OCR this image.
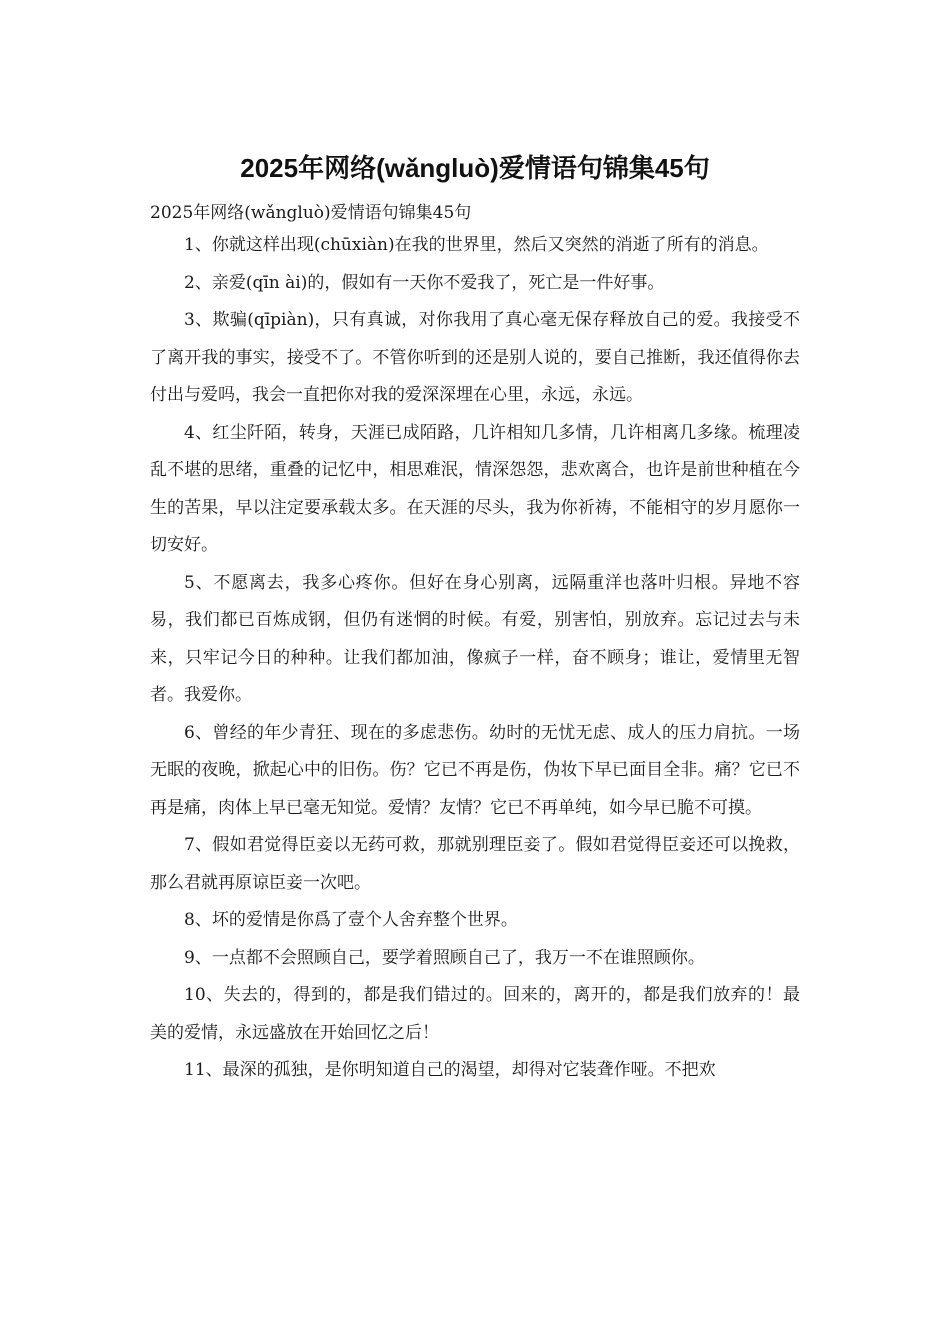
2025年网络(wǎngluò)爱情语句锦集45句

2025年网络(wǎngluò)爱情语句锦集45句

1、你就这样出现(chūxiàn)在我的世界里，然后又突然的消逝了所有的消息。

2、亲爱(qīn ài)的，假如有一天你不爱我了，死亡是一件好事。

3、欺骗(qīpiàn)，只有真诚，对你我用了真心毫无保存释放自己的爱。我接受不了离开我的事实，接受不了。不管你听到的还是别人说的，要自己推断，我还值得你去付出与爱吗，我会一直把你对我的爱深深埋在心里，永远，永远。

4、红尘阡陌，转身，天涯已成陌路，几许相知几多情，几许相离几多缘。梳理凌乱不堪的思绪，重叠的记忆中，相思难泯，情深怨怨，悲欢离合，也许是前世种植在今生的苦果，早以注定要承载太多。在天涯的尽头，我为你祈祷，不能相守的岁月愿你一切安好。

5、不愿离去，我多心疼你。但好在身心别离，远隔重洋也落叶归根。异地不容易，我们都已百炼成钢，但仍有迷惘的时候。有爱，别害怕，别放弃。忘记过去与未来，只牢记今日的种种。让我们都加油，像疯子一样，奋不顾身；谁让，爱情里无智者。我爱你。

6、曾经的年少青狂、现在的多虑悲伤。幼时的无忧无虑、成人的压力肩抗。一场无眠的夜晚，掀起心中的旧伤。伤？它已不再是伤，伪妆下早已面目全非。痛？它已不再是痛，肉体上早已毫无知觉。爱情？友情？它已不再单纯，如今早已脆不可摸。

7、假如君觉得臣妾以无药可救，那就别理臣妾了。假如君觉得臣妾还可以挽救，那么君就再原谅臣妾一次吧。

8、坏的爱情是你爲了壹个人舍弃整个世界。

9、一点都不会照顾自己，要学着照顾自己了，我万一不在谁照顾你。

10、失去的，得到的，都是我们错过的。回来的，离开的，都是我们放弃的！最美的爱情，永远盛放在开始回忆之后！

11、最深的孤独，是你明知道自己的渴望，却得对它装聋作哑。不把欢
